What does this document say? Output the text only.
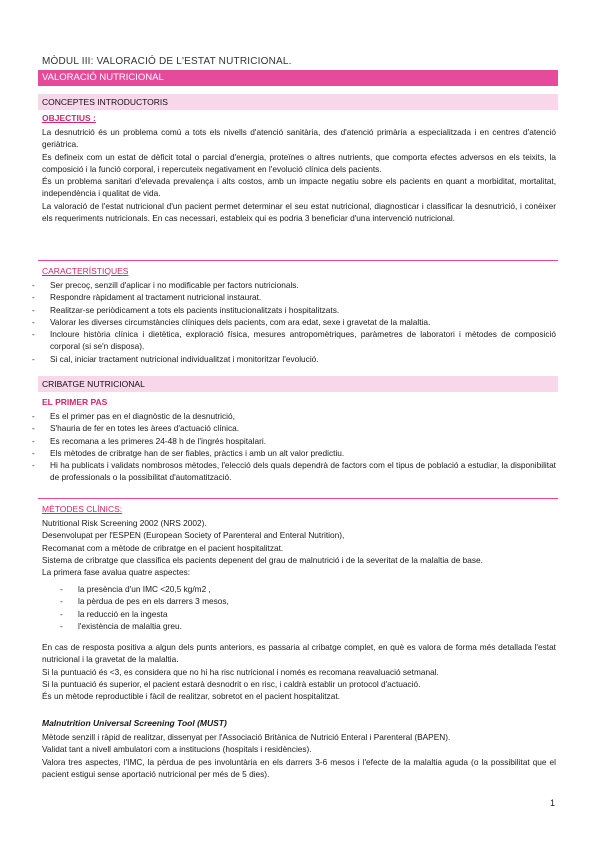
MÒDUL III: VALORACIÓ DE L'ESTAT NUTRICIONAL.
VALORACIÓ NUTRICIONAL
CONCEPTES INTRODUCTORIS
OBJECTIUS :

La desnutrició és un problema comú a tots els nivells d'atenció sanitària, des d'atenció primària a especialitzada i en centres d'atenció geriàtrica.

Es defineix com un estat de dèficit total o parcial d'energia, proteïnes o altres nutrients, que comporta efectes adversos en els teixits, la composició i la funció corporal, i repercuteix negativament en l'evolució clínica dels pacients.

És un problema sanitari d'elevada prevalença i alts costos, amb un impacte negatiu sobre els pacients en quant a morbiditat, mortalitat, independència i qualitat de vida.

La valoració de l'estat nutricional d'un pacient permet determinar el seu estat nutricional, diagnosticar i classificar la desnutrició, i conèixer els requeriments nutricionals. En cas necessari, estableix qui es podria 3 beneficiar d'una intervenció nutricional.

CARACTERÍSTIQUES
- Ser precoç, senzill d'aplicar i no modificable per factors nutricionals.
- Respondre ràpidament al tractament nutricional instaurat.
- Realitzar-se periòdicament a tots els pacients institucionalitzats i hospitalitzats.
- Valorar les diverses circumstàncies clíniques dels pacients, com ara edat, sexe i gravetat de la malaltia.
- Incloure història clínica i dietètica, exploració física, mesures antropomètriques, paràmetres de laboratori i mètodes de composició corporal (si se'n disposa).
- Si cal, iniciar tractament nutricional individualitzat i monitoritzar l'evolució.
CRIBATGE NUTRICIONAL
EL PRIMER PAS
- Es el primer pas en el diagnòstic de la desnutrició,
- S'hauria de fer en totes les àrees d'actuació clínica.
- Es recomana a les primeres 24-48 h de l'ingrés hospitalari.
- Els mètodes de cribratge han de ser fiables, pràctics i amb un alt valor predictiu.
- Hi ha publicats i validats nombrosos mètodes, l'elecció dels quals dependrà de factors com el tipus de població a estudiar, la disponibilitat de professionals o la possibilitat d'automatització.
MÈTODES CLÍNICS:

Nutritional Risk Screening 2002 (NRS 2002).

Desenvolupat per l'ESPEN (European Society of Parenteral and Enteral Nutrition),

Recomanat com a mètode de cribratge en el pacient hospitalitzat.

Sistema de cribratge que classifica els pacients depenent del grau de malnutrició i de la severitat de la malaltia de base.

La primera fase avalua quatre aspectes:

- la presència d'un IMC <20,5 kg/m2 ,
- la pèrdua de pes en els darrers 3 mesos,
- la reducció en la ingesta
- l'existència de malaltia greu.

En cas de resposta positiva a algun dels punts anteriors, es passaria al cribatge complet, en què es valora de forma més detallada l'estat nutricional i la gravetat de la malaltia.

Si la puntuació és <3, es considera que no hi ha risc nutricional i només es recomana reavaluació setmanal.

Si la puntuació és superior, el pacient estarà desnodrit o en risc, i caldrà establir un protocol d'actuació.

És un mètode reproductible i fàcil de realitzar, sobretot en el pacient hospitalitzat.

Malnutrition Universal Screening Tool (MUST)

Mètode senzill i ràpid de realitzar, dissenyat per l'Associació Britànica de Nutrició Enteral i Parenteral (BAPEN).

Validat tant a nivell ambulatori com a institucions (hospitals i residències).

Valora tres aspectes, l'IMC, la pèrdua de pes involuntària en els darrers 3-6 mesos i l'efecte de la malaltia aguda (o la possibilitat que el pacient estigui sense aportació nutricional per més de 5 dies).

1
